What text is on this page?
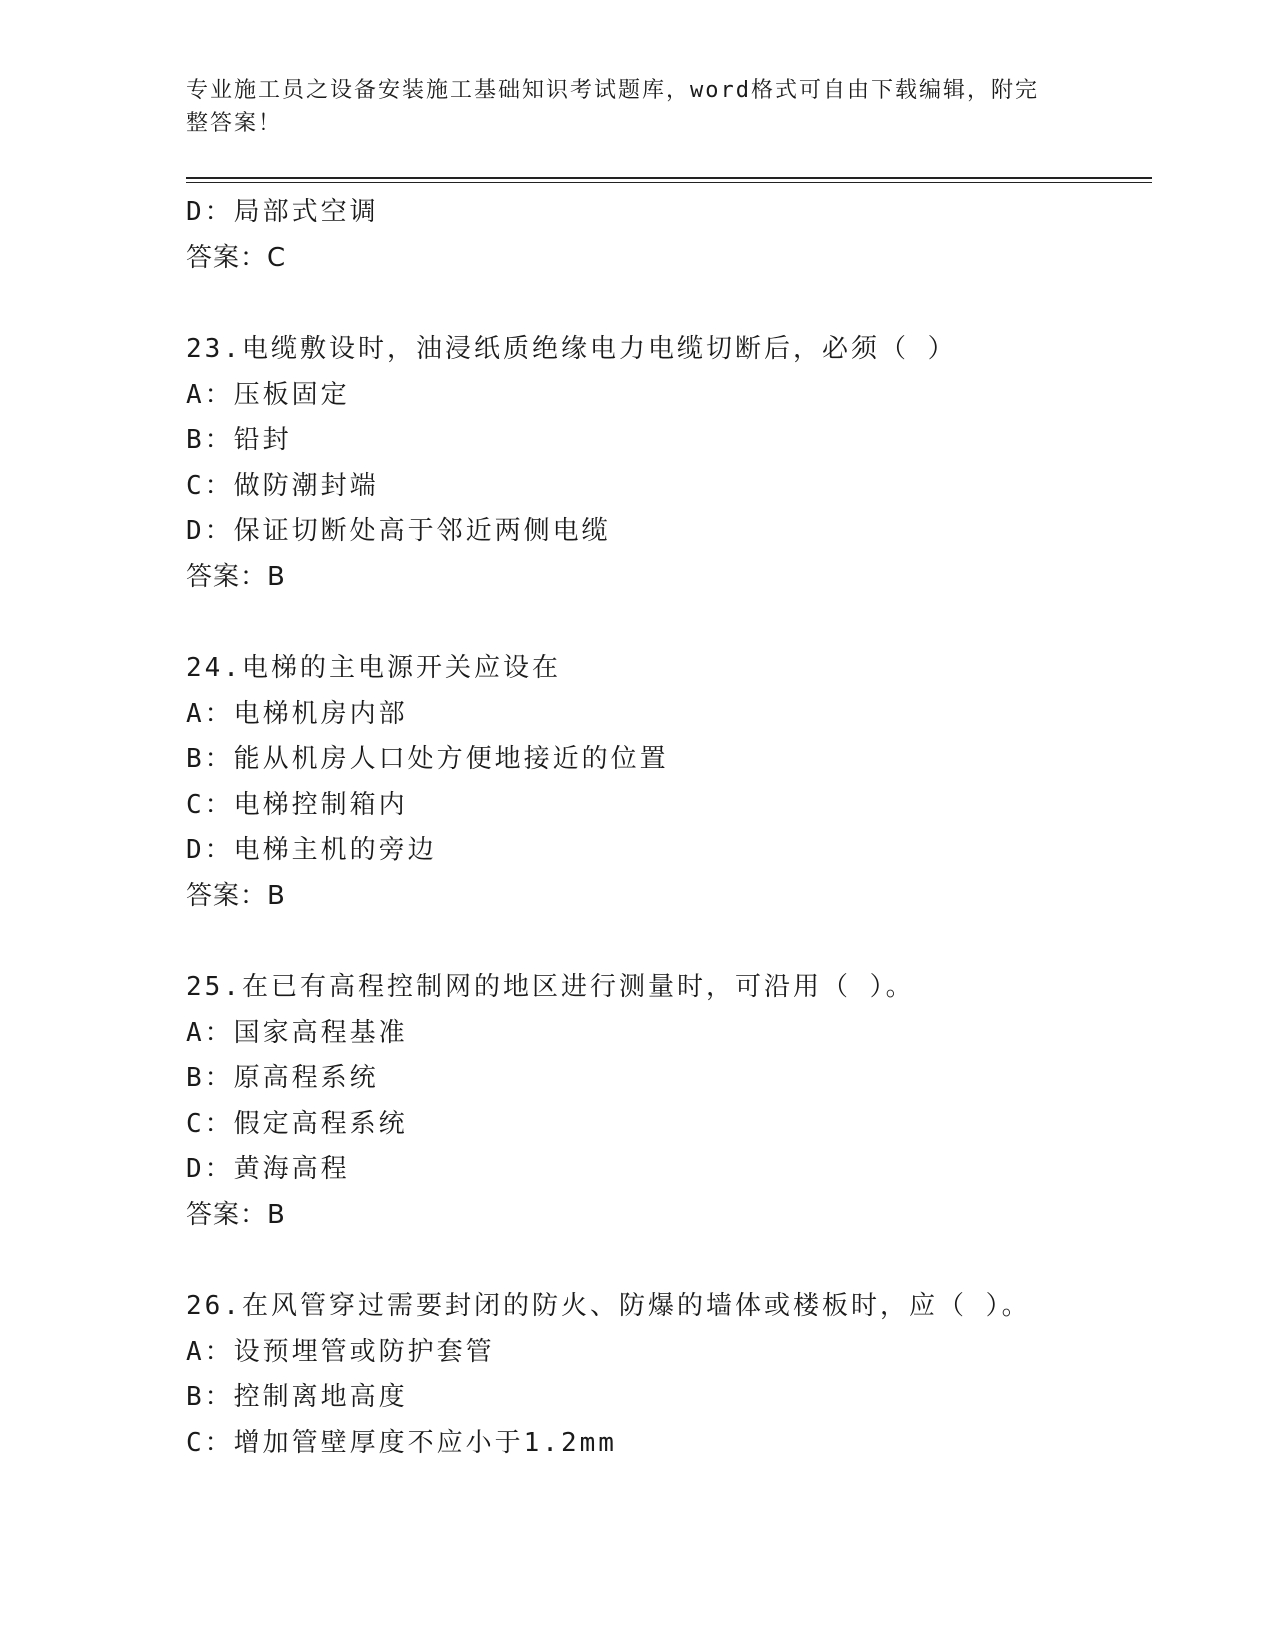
专业施工员之设备安装施工基础知识考试题库，word格式可自由下载编辑，附完
整答案！
D：局部式空调
答案：C
23.电缆敷设时，油浸纸质绝缘电力电缆切断后，必须（ ）
A：压板固定
B：铅封
C：做防潮封端
D：保证切断处高于邻近两侧电缆
答案：B
24.电梯的主电源开关应设在
A：电梯机房内部
B：能从机房人口处方便地接近的位置
C：电梯控制箱内
D：电梯主机的旁边
答案：B
25.在已有高程控制网的地区进行测量时，可沿用（ ）。
A：国家高程基准
B：原高程系统
C：假定高程系统
D：黄海高程
答案：B
26.在风管穿过需要封闭的防火、防爆的墙体或楼板时，应（ ）。
A：设预埋管或防护套管
B：控制离地高度
C：增加管壁厚度不应小于1.2mm
